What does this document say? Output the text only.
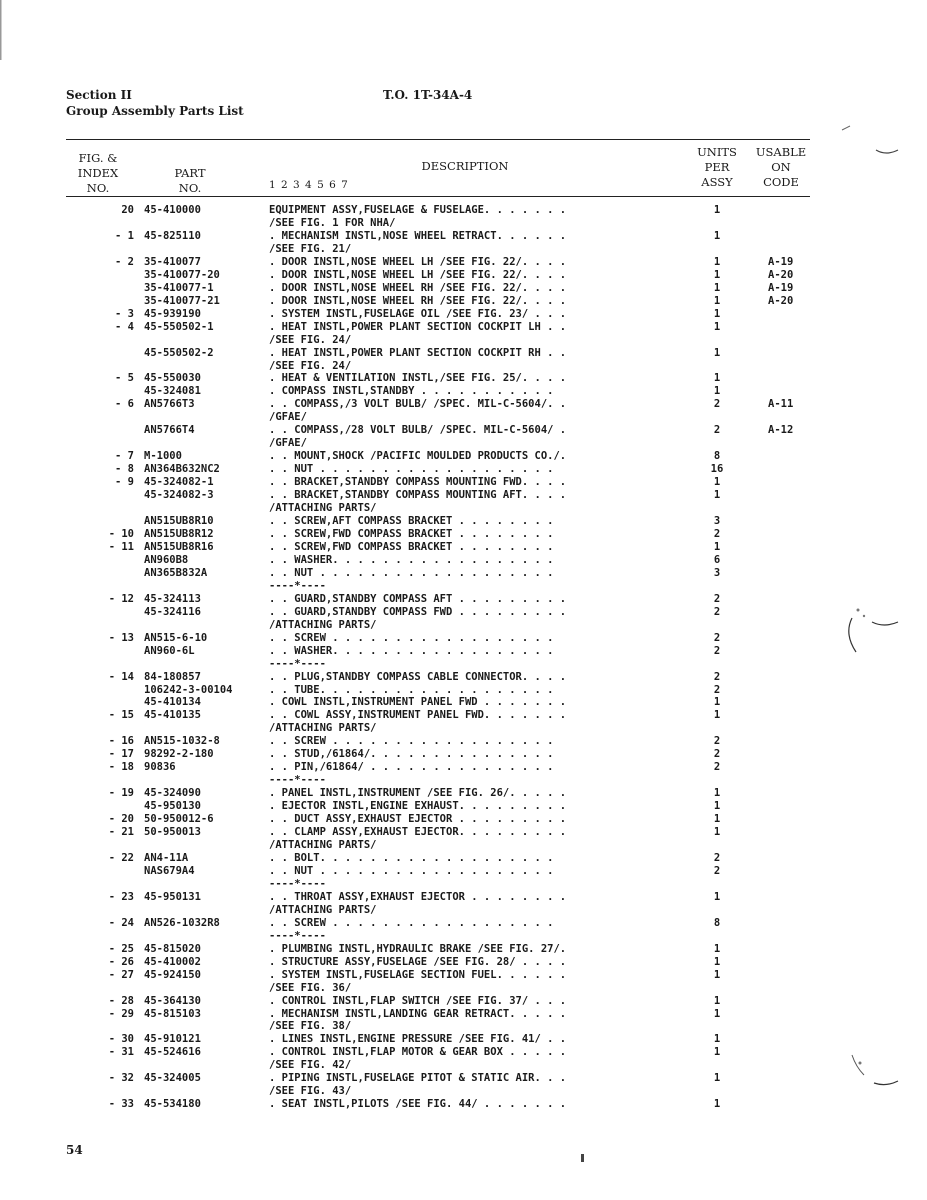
Section II
Group Assembly Parts List
T.O. 1T-34A-4
FIG. &
INDEX
NO.
PART
NO.
DESCRIPTION
1 2 3 4 5 6 7
UNITS
PER
ASSY
USABLE
ON
CODE
20 45-410000	EQUIPMENT ASSY,FUSELAGE & FUSELAGE. . . . . . .	1
/SEE FIG. 1 FOR NHA/
- 1 45-825110	. MECHANISM INSTL,NOSE WHEEL RETRACT. . . . . .	1
/SEE FIG. 21/
- 2 35-410077	. DOOR INSTL,NOSE WHEEL LH /SEE FIG. 22/. . . .	1	A-19
35-410077-20	. DOOR INSTL,NOSE WHEEL LH /SEE FIG. 22/. . . .	1	A-20
35-410077-1	. DOOR INSTL,NOSE WHEEL RH /SEE FIG. 22/. . . .	1	A-19
35-410077-21	. DOOR INSTL,NOSE WHEEL RH /SEE FIG. 22/. . . .	1	A-20
- 3 45-939190	. SYSTEM INSTL,FUSELAGE OIL /SEE FIG. 23/ . . .	1
- 4 45-550502-1	. HEAT INSTL,POWER PLANT SECTION COCKPIT LH . .	1
/SEE FIG. 24/
45-550502-2	. HEAT INSTL,POWER PLANT SECTION COCKPIT RH . .	1
/SEE FIG. 24/
- 5 45-550030	. HEAT & VENTILATION INSTL,/SEE FIG. 25/. . . .	1
45-324081	. COMPASS INSTL,STANDBY . . . . . . . . . . .	1
- 6 AN5766T3	. . COMPASS,/3 VOLT BULB/ /SPEC. MIL-C-5604/. .	2	A-11
/GFAE/
AN5766T4	. . COMPASS,/28 VOLT BULB/ /SPEC. MIL-C-5604/ .	2	A-12
/GFAE/
- 7 M-1000	. . MOUNT,SHOCK /PACIFIC MOULDED PRODUCTS CO./.	8
- 8 AN364B632NC2	. . NUT . . . . . . . . . . . . . . . . . . .	16
- 9 45-324082-1	. . BRACKET,STANDBY COMPASS MOUNTING FWD. . . .	1
45-324082-3	. . BRACKET,STANDBY COMPASS MOUNTING AFT. . . .	1
/ATTACHING PARTS/
AN515UB8R10	. . SCREW,AFT COMPASS BRACKET . . . . . . . .	3
- 10 AN515UB8R12	. . SCREW,FWD COMPASS BRACKET . . . . . . . .	2
- 11 AN515UB8R16	. . SCREW,FWD COMPASS BRACKET . . . . . . . .	1
AN960B8	. . WASHER. . . . . . . . . . . . . . . . . .	6
AN365B832A	. . NUT . . . . . . . . . . . . . . . . . . .	3
----*----
- 12 45-324113	. . GUARD,STANDBY COMPASS AFT . . . . . . . . .	2
45-324116	. . GUARD,STANDBY COMPASS FWD . . . . . . . . .	2
/ATTACHING PARTS/
- 13 AN515-6-10	. . SCREW . . . . . . . . . . . . . . . . . .	2
AN960-6L	. . WASHER. . . . . . . . . . . . . . . . . .	2
----*----
- 14 84-180857	. . PLUG,STANDBY COMPASS CABLE CONNECTOR. . . .	2
106242-3-00104	. . TUBE. . . . . . . . . . . . . . . . . . .	2
45-410134	. COWL INSTL,INSTRUMENT PANEL FWD . . . . . . .	1
- 15 45-410135	. . COWL ASSY,INSTRUMENT PANEL FWD. . . . . . .	1
/ATTACHING PARTS/
- 16 AN515-1032-8	. . SCREW . . . . . . . . . . . . . . . . . .	2
- 17 98292-2-180	. . STUD,/61864/. . . . . . . . . . . . . . .	2
- 18 90836	. . PIN,/61864/ . . . . . . . . . . . . . . .	2
----*----
- 19 45-324090	. PANEL INSTL,INSTRUMENT /SEE FIG. 26/. . . . .	1
45-950130	. EJECTOR INSTL,ENGINE EXHAUST. . . . . . . . .	1
- 20 50-950012-6	. . DUCT ASSY,EXHAUST EJECTOR . . . . . . . . .	1
- 21 50-950013	. . CLAMP ASSY,EXHAUST EJECTOR. . . . . . . . .	1
/ATTACHING PARTS/
- 22 AN4-11A	. . BOLT. . . . . . . . . . . . . . . . . . .	2
NAS679A4	. . NUT . . . . . . . . . . . . . . . . . . .	2
----*----
- 23 45-950131	. . THROAT ASSY,EXHAUST EJECTOR . . . . . . . .	1
/ATTACHING PARTS/
- 24 AN526-1032R8	. . SCREW . . . . . . . . . . . . . . . . . .	8
----*----
- 25 45-815020	. PLUMBING INSTL,HYDRAULIC BRAKE /SEE FIG. 27/.	1
- 26 45-410002	. STRUCTURE ASSY,FUSELAGE /SEE FIG. 28/ . . . .	1
- 27 45-924150	. SYSTEM INSTL,FUSELAGE SECTION FUEL. . . . . .	1
/SEE FIG. 36/
- 28 45-364130	. CONTROL INSTL,FLAP SWITCH /SEE FIG. 37/ . . .	1
- 29 45-815103	. MECHANISM INSTL,LANDING GEAR RETRACT. . . . .	1
/SEE FIG. 38/
- 30 45-910121	. LINES INSTL,ENGINE PRESSURE /SEE FIG. 41/ . .	1
- 31 45-524616	. CONTROL INSTL,FLAP MOTOR & GEAR BOX . . . . .	1
/SEE FIG. 42/
- 32 45-324005	. PIPING INSTL,FUSELAGE PITOT & STATIC AIR. . .	1
/SEE FIG. 43/
- 33 45-534180	. SEAT INSTL,PILOTS /SEE FIG. 44/ . . . . . . .	1
54
